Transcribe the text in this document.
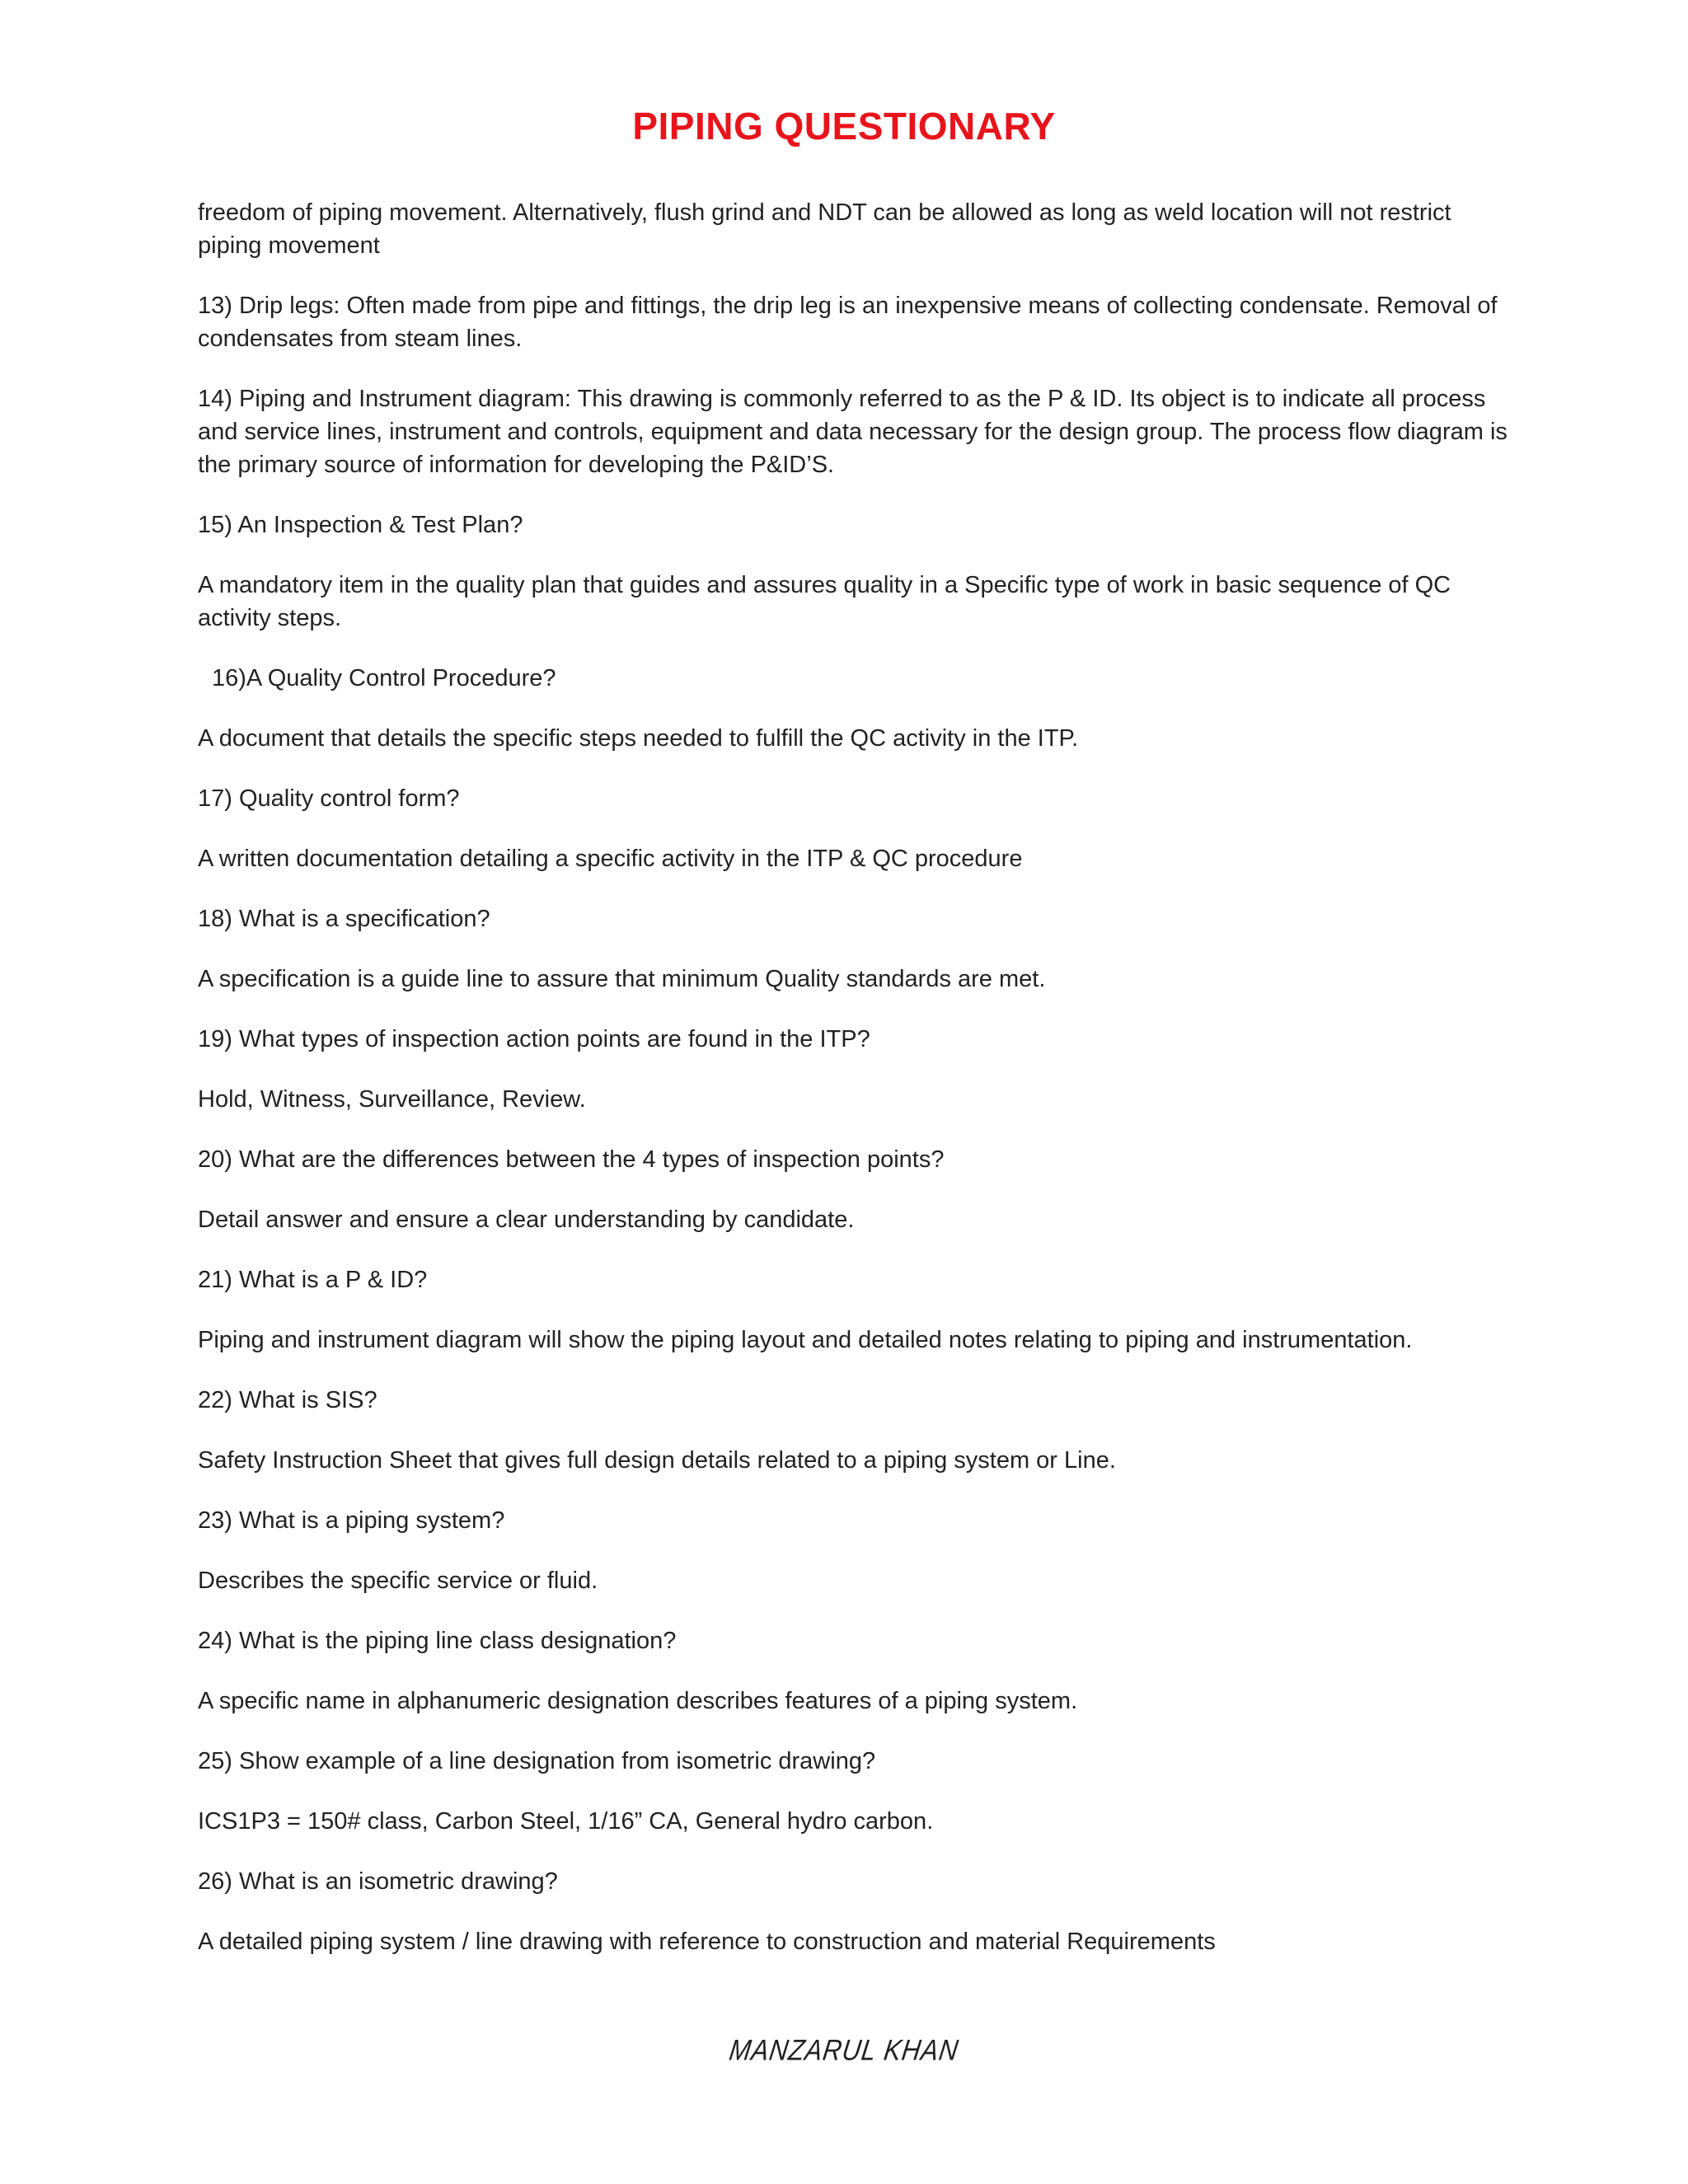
PIPING QUESTIONARY

freedom of piping movement. Alternatively, flush grind and NDT can be allowed as long as weld location will not restrict piping movement

13) Drip legs: Often made from pipe and fittings, the drip leg is an inexpensive means of collecting condensate. Removal of condensates from steam lines.

14) Piping and Instrument diagram: This drawing is commonly referred to as the P & ID. Its object is to indicate all process and service lines, instrument and controls, equipment and data necessary for the design group. The process flow diagram is the primary source of information for developing the P&ID’S.

15) An Inspection & Test Plan?

A mandatory item in the quality plan that guides and assures quality in a Specific type of work in basic sequence of QC activity steps.

16)A Quality Control Procedure?

A document that details the specific steps needed to fulfill the QC activity in the ITP.

17) Quality control form?

A written documentation detailing a specific activity in the ITP & QC procedure

18) What is a specification?

A specification is a guide line to assure that minimum Quality standards are met.

19) What types of inspection action points are found in the ITP?

Hold, Witness, Surveillance, Review.

20) What are the differences between the 4 types of inspection points?

Detail answer and ensure a clear understanding by candidate.

21) What is a P & ID?

Piping and instrument diagram will show the piping layout and detailed notes relating to piping and instrumentation.

22) What is SIS?

Safety Instruction Sheet that gives full design details related to a piping system or Line.

23) What is a piping system?

Describes the specific service or fluid.

24) What is the piping line class designation?

A specific name in alphanumeric designation describes features of a piping system.

25) Show example of a line designation from isometric drawing?

ICS1P3 = 150# class, Carbon Steel, 1/16” CA, General hydro carbon.

26) What is an isometric drawing?

A detailed piping system / line drawing with reference to construction and material Requirements

MANZARUL KHAN
